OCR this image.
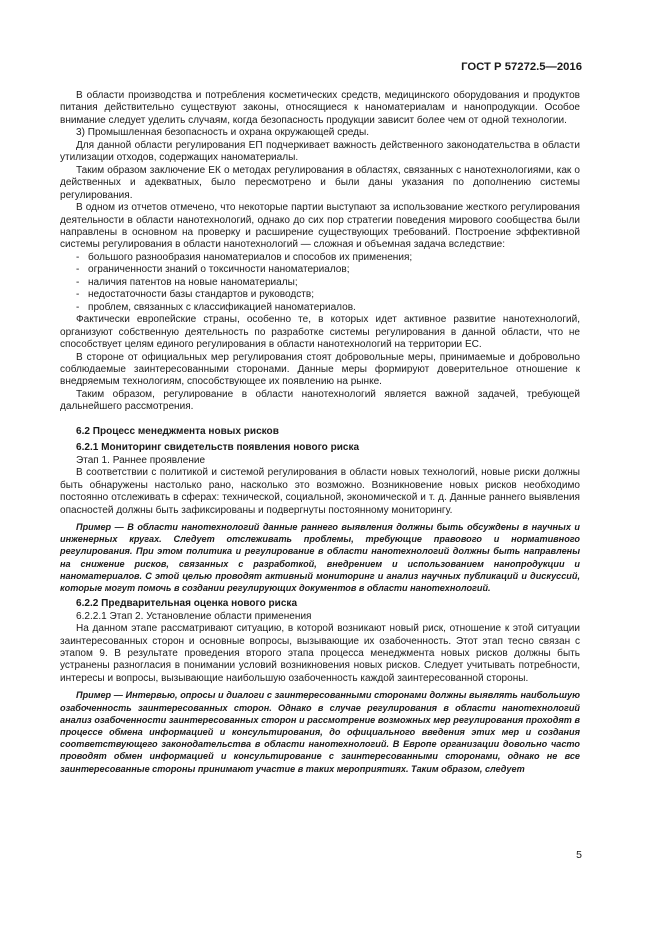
ГОСТ Р 57272.5—2016

В области производства и потребления косметических средств, медицинского оборудования и продуктов питания действительно существуют законы, относящиеся к наноматериалам и нанопродукции. Особое внимание следует уделить случаям, когда безопасность продукции зависит более чем от одной технологии.

3) Промышленная безопасность и охрана окружающей среды.

Для данной области регулирования ЕП подчеркивает важность действенного законодательства в области утилизации отходов, содержащих наноматериалы.

Таким образом заключение ЕК о методах регулирования в областях, связанных с нанотехнологиями, как о действенных и адекватных, было пересмотрено и были даны указания по дополнению системы регулирования.

В одном из отчетов отмечено, что некоторые партии выступают за использование жесткого регулирования деятельности в области нанотехнологий, однако до сих пор стратегии поведения мирового сообщества были направлены в основном на проверку и расширение существующих требований. Построение эффективной системы регулирования в области нанотехнологий — сложная и объемная задача вследствие:

- большого разнообразия наноматериалов и способов их применения;

- ограниченности знаний о токсичности наноматериалов;

- наличия патентов на новые наноматериалы;

- недостаточности базы стандартов и руководств;

- проблем, связанных с классификацией наноматериалов.

Фактически европейские страны, особенно те, в которых идет активное развитие нанотехнологий, организуют собственную деятельность по разработке системы регулирования в данной области, что не способствует целям единого регулирования в области нанотехнологий на территории ЕС.

В стороне от официальных мер регулирования стоят добровольные меры, принимаемые и добровольно соблюдаемые заинтересованными сторонами. Данные меры формируют доверительное отношение к внедряемым технологиям, способствующее их появлению на рынке.

Таким образом, регулирование в области нанотехнологий является важной задачей, требующей дальнейшего рассмотрения.

6.2 Процесс менеджмента новых рисков

6.2.1 Мониторинг свидетельств появления нового риска

Этап 1. Раннее проявление

В соответствии с политикой и системой регулирования в области новых технологий, новые риски должны быть обнаружены настолько рано, насколько это возможно. Возникновение новых рисков необходимо постоянно отслеживать в сферах: технической, социальной, экономической и т. д. Данные раннего выявления опасностей должны быть зафиксированы и подвергнуты постоянному мониторингу.

Пример — В области нанотехнологий данные раннего выявления должны быть обсуждены в научных и инженерных кругах. Следует отслеживать проблемы, требующие правового и нормативного регулирования. При этом политика и регулирование в области нанотехнологий должны быть направлены на снижение рисков, связанных с разработкой, внедрением и использованием нанопродукции и наноматериалов. С этой целью проводят активный мониторинг и анализ научных публикаций и дискуссий, которые могут помочь в создании регулирующих документов в области нанотехнологий.

6.2.2 Предварительная оценка нового риска

6.2.2.1 Этап 2. Установление области применения

На данном этапе рассматривают ситуацию, в которой возникают новый риск, отношение к этой ситуации заинтересованных сторон и основные вопросы, вызывающие их озабоченность. Этот этап тесно связан с этапом 9. В результате проведения второго этапа процесса менеджмента новых рисков должны быть устранены разногласия в понимании условий возникновения новых рисков. Следует учитывать потребности, интересы и вопросы, вызывающие наибольшую озабоченность каждой заинтересованной стороны.

Пример — Интервью, опросы и диалоги с заинтересованными сторонами должны выявлять наибольшую озабоченность заинтересованных сторон. Однако в случае регулирования в области нанотехнологий анализ озабоченности заинтересованных сторон и рассмотрение возможных мер регулирования проходят в процессе обмена информацией и консультирования, до официального введения этих мер и создания соответствующего законодательства в области нанотехнологий. В Европе организации довольно часто проводят обмен информацией и консультирование с заинтересованными сторонами, однако не все заинтересованные стороны принимают участие в таких мероприятиях. Таким образом, следует

5
